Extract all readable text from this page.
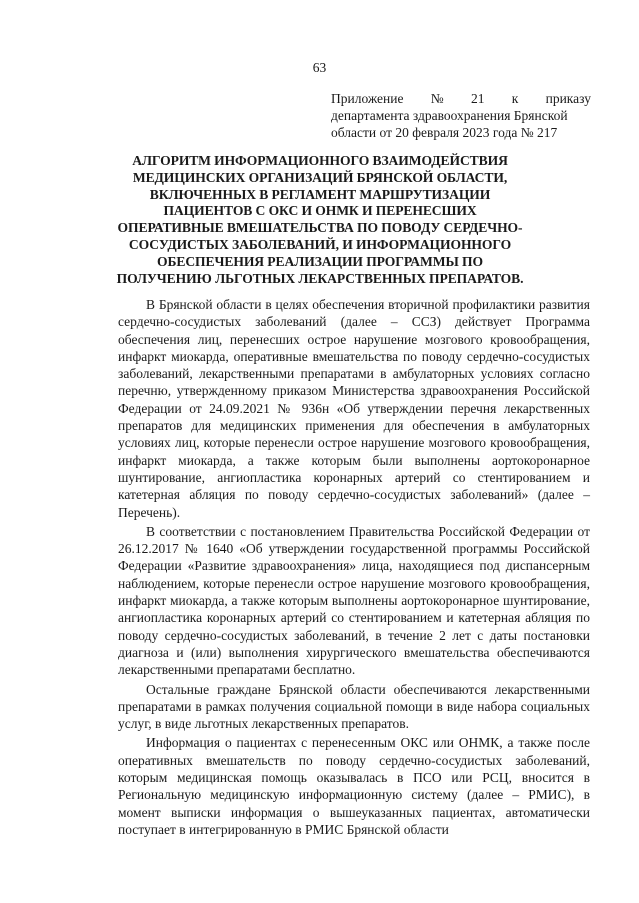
63
Приложение № 21 к приказу
департамента здравоохранения Брянской
области от 20 февраля 2023 года № 217
АЛГОРИТМ ИНФОРМАЦИОННОГО ВЗАИМОДЕЙСТВИЯ МЕДИЦИНСКИХ ОРГАНИЗАЦИЙ БРЯНСКОЙ ОБЛАСТИ, ВКЛЮЧЕННЫХ В РЕГЛАМЕНТ МАРШРУТИЗАЦИИ ПАЦИЕНТОВ С ОКС И ОНМК И ПЕРЕНЕСШИХ ОПЕРАТИВНЫЕ ВМЕШАТЕЛЬСТВА ПО ПОВОДУ СЕРДЕЧНО-СОСУДИСТЫХ ЗАБОЛЕВАНИЙ, И ИНФОРМАЦИОННОГО ОБЕСПЕЧЕНИЯ РЕАЛИЗАЦИИ ПРОГРАММЫ ПО ПОЛУЧЕНИЮ ЛЬГОТНЫХ ЛЕКАРСТВЕННЫХ ПРЕПАРАТОВ.

В Брянской области в целях обеспечения вторичной профилактики развития сердечно-сосудистых заболеваний (далее – ССЗ) действует Программа обеспечения лиц, перенесших острое нарушение мозгового кровообращения, инфаркт миокарда, оперативные вмешательства по поводу сердечно-сосудистых заболеваний, лекарственными препаратами в амбулаторных условиях согласно перечню, утвержденному приказом Министерства здравоохранения Российской Федерации от 24.09.2021 № 936н «Об утверждении перечня лекарственных препаратов для медицинских применения для обеспечения в амбулаторных условиях лиц, которые перенесли острое нарушение мозгового кровообращения, инфаркт миокарда, а также которым были выполнены аортокоронарное шунтирование, ангиопластика коронарных артерий со стентированием и катетерная абляция по поводу сердечно-сосудистых заболеваний» (далее – Перечень).

В соответствии с постановлением Правительства Российской Федерации от 26.12.2017 № 1640 «Об утверждении государственной программы Российской Федерации «Развитие здравоохранения» лица, находящиеся под диспансерным наблюдением, которые перенесли острое нарушение мозгового кровообращения, инфаркт миокарда, а также которым выполнены аортокоронарное шунтирование, ангиопластика коронарных артерий со стентированием и катетерная абляция по поводу сердечно-сосудистых заболеваний, в течение 2 лет с даты постановки диагноза и (или) выполнения хирургического вмешательства обеспечиваются лекарственными препаратами бесплатно.

Остальные граждане Брянской области обеспечиваются лекарственными препаратами в рамках получения социальной помощи в виде набора социальных услуг, в виде льготных лекарственных препаратов.

Информация о пациентах с перенесенным ОКС или ОНМК, а также после оперативных вмешательств по поводу сердечно-сосудистых заболеваний, которым медицинская помощь оказывалась в ПСО или РСЦ, вносится в Региональную медицинскую информационную систему (далее – РМИС), в момент выписки информация о вышеуказанных пациентах, автоматически поступает в интегрированную в РМИС Брянской области
